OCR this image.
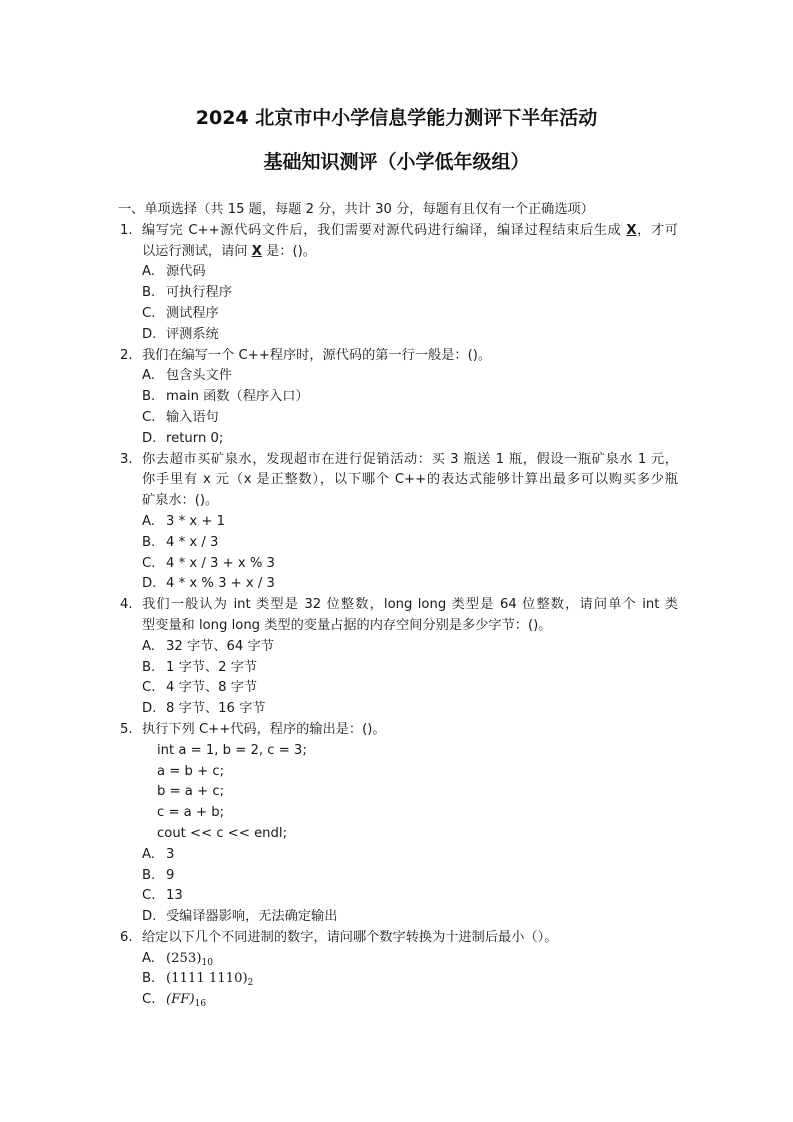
2024 北京市中小学信息学能力测评下半年活动
基础知识测评（小学低年级组）
一、单项选择（共 15 题，每题 2 分，共计 30 分，每题有且仅有一个正确选项）
1. 编写完 C++源代码文件后，我们需要对源代码进行编译，编译过程结束后生成 X，才可
以运行测试，请问 X 是：()。
A. 源代码
B. 可执行程序
C. 测试程序
D. 评测系统
2. 我们在编写一个 C++程序时，源代码的第一行一般是：()。
A. 包含头文件
B. main 函数（程序入口）
C. 输入语句
D. return 0;
3. 你去超市买矿泉水，发现超市在进行促销活动：买 3 瓶送 1 瓶，假设一瓶矿泉水 1 元，
你手里有 x 元（x 是正整数），以下哪个 C++的表达式能够计算出最多可以购买多少瓶
矿泉水：()。
A. 3 * x + 1
B. 4 * x / 3
C. 4 * x / 3 + x % 3
D. 4 * x % 3 + x / 3
4. 我们一般认为 int 类型是 32 位整数，long long 类型是 64 位整数，请问单个 int 类
型变量和 long long 类型的变量占据的内存空间分别是多少字节：()。
A. 32 字节、64 字节
B. 1 字节、2 字节
C. 4 字节、8 字节
D. 8 字节、16 字节
5. 执行下列 C++代码，程序的输出是：()。
int a = 1, b = 2, c = 3;
a = b + c;
b = a + c;
c = a + b;
cout << c << endl;
A. 3
B. 9
C. 13
D. 受编译器影响，无法确定输出
6. 给定以下几个不同进制的数字，请问哪个数字转换为十进制后最小（）。
A. $(253)_{10}$
B. (1111 $1110)_2$
C. $(FF)_{16}$
